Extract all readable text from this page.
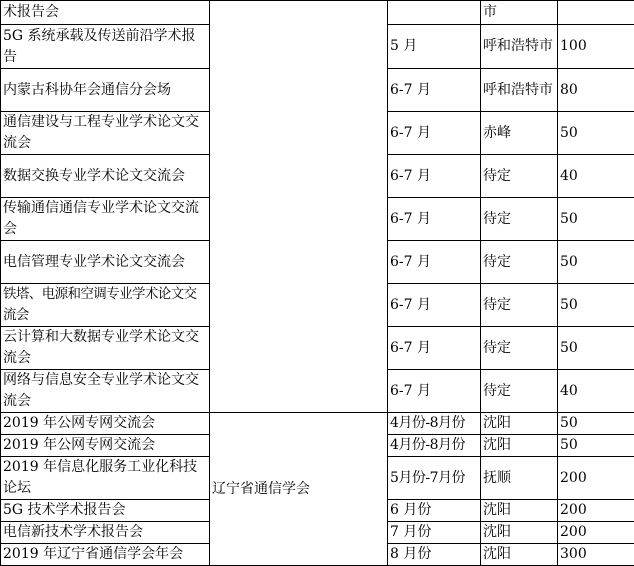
术报告会			市	
5G 系统承载及传送前沿学术报告		5 月	呼和浩特市	100
内蒙古科协年会通信分会场		6-7 月	呼和浩特市	80
通信建设与工程专业学术论文交流会		6-7 月	赤峰	50
数据交换专业学术论文交流会		6-7 月	待定	40
传输通信通信专业学术论文交流会		6-7 月	待定	50
电信管理专业学术论文交流会		6-7 月	待定	50
铁塔、电源和空调专业学术论文交流会		6-7 月	待定	50
云计算和大数据专业学术论文交流会		6-7 月	待定	50
网络与信息安全专业学术论文交流会		6-7 月	待定	40
2019 年公网专网交流会	辽宁省通信学会	4月份-8月份	沈阳	50
2019 年公网专网交流会		4月份-8月份	沈阳	50
2019 年信息化服务工业化科技论坛		5月份-7月份	抚顺	200
5G 技术学术报告会		6 月份	沈阳	200
电信新技术学术报告会		7 月份	沈阳	200
2019 年辽宁省通信学会年会		8 月份	沈阳	300
